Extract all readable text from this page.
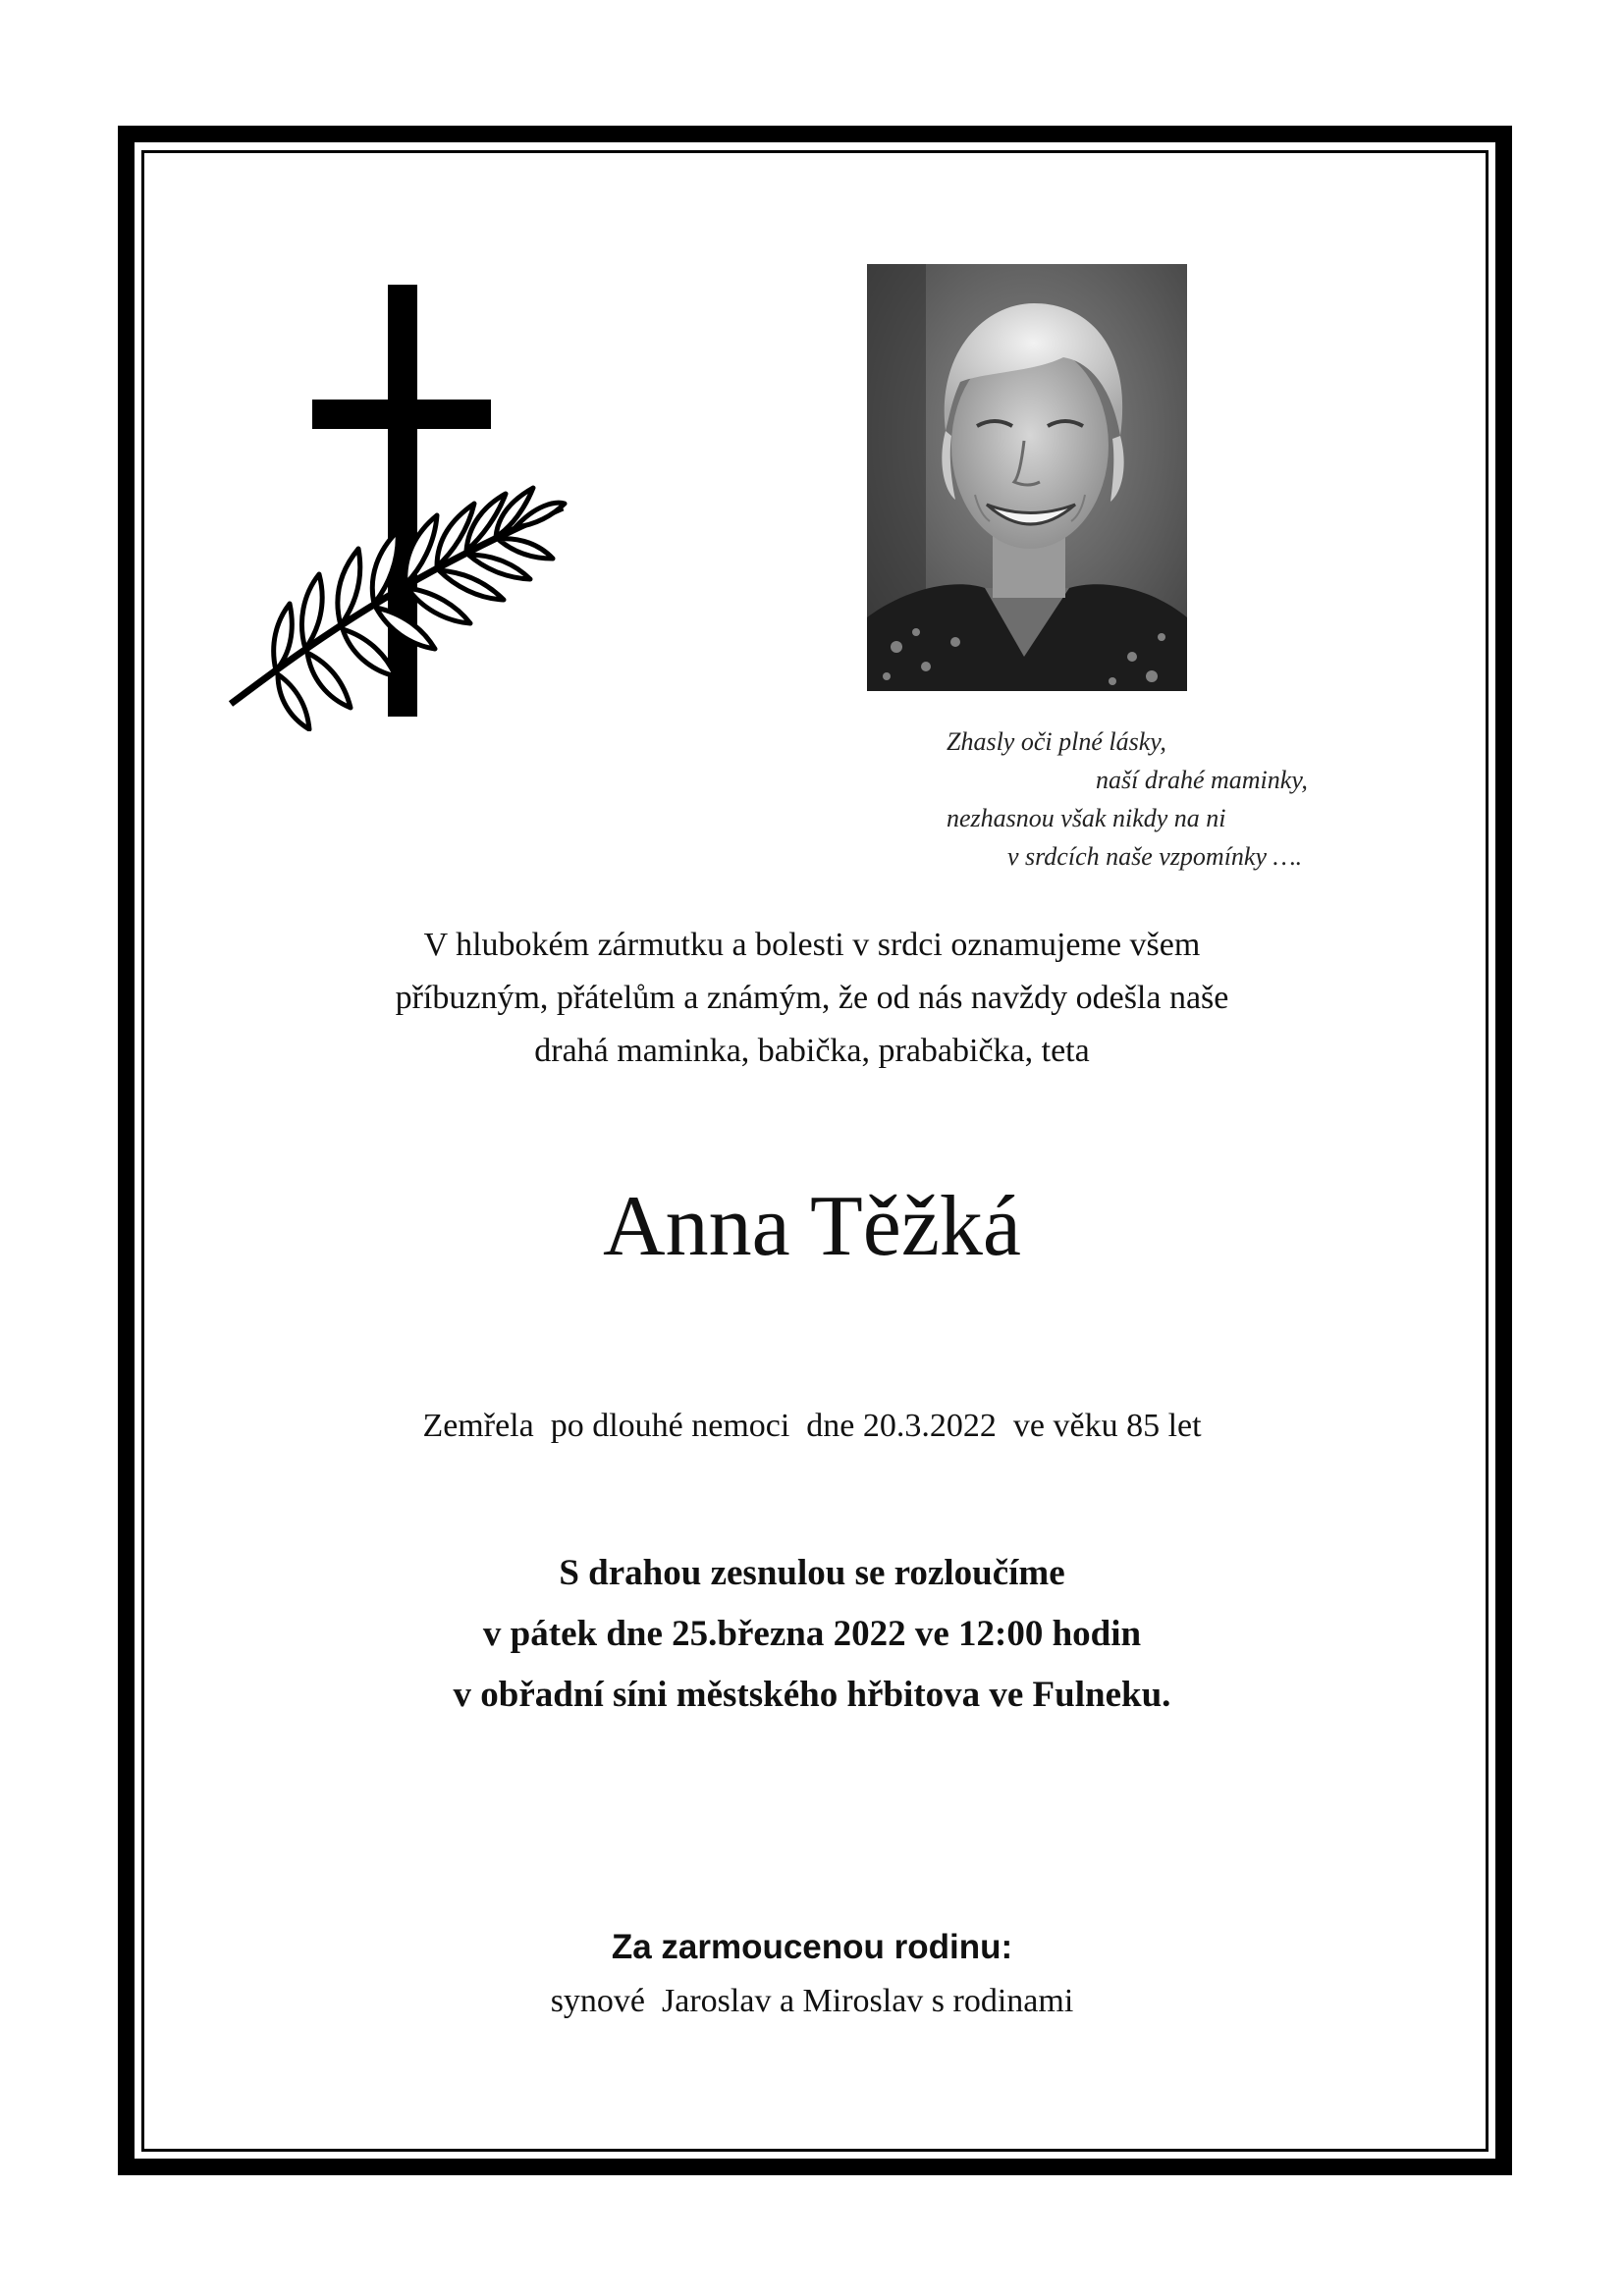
Zhasly oči plné lásky,
naší drahé maminky,
nezhasnou však nikdy na ni
v srdcích naše vzpomínky ….
V hlubokém zármutku a bolesti v srdci oznamujeme všem
příbuzným, přátelům a známým, že od nás navždy odešla naše
drahá maminka, babička, prababička, teta
Anna Těžká
Zemřela  po dlouhé nemoci  dne 20.3.2022  ve věku 85 let
S drahou zesnulou se rozloučíme
v pátek dne 25.března 2022 ve 12:00 hodin
v obřadní síni městského hřbitova ve Fulneku.
Za zarmoucenou rodinu:
synové  Jaroslav a Miroslav s rodinami
